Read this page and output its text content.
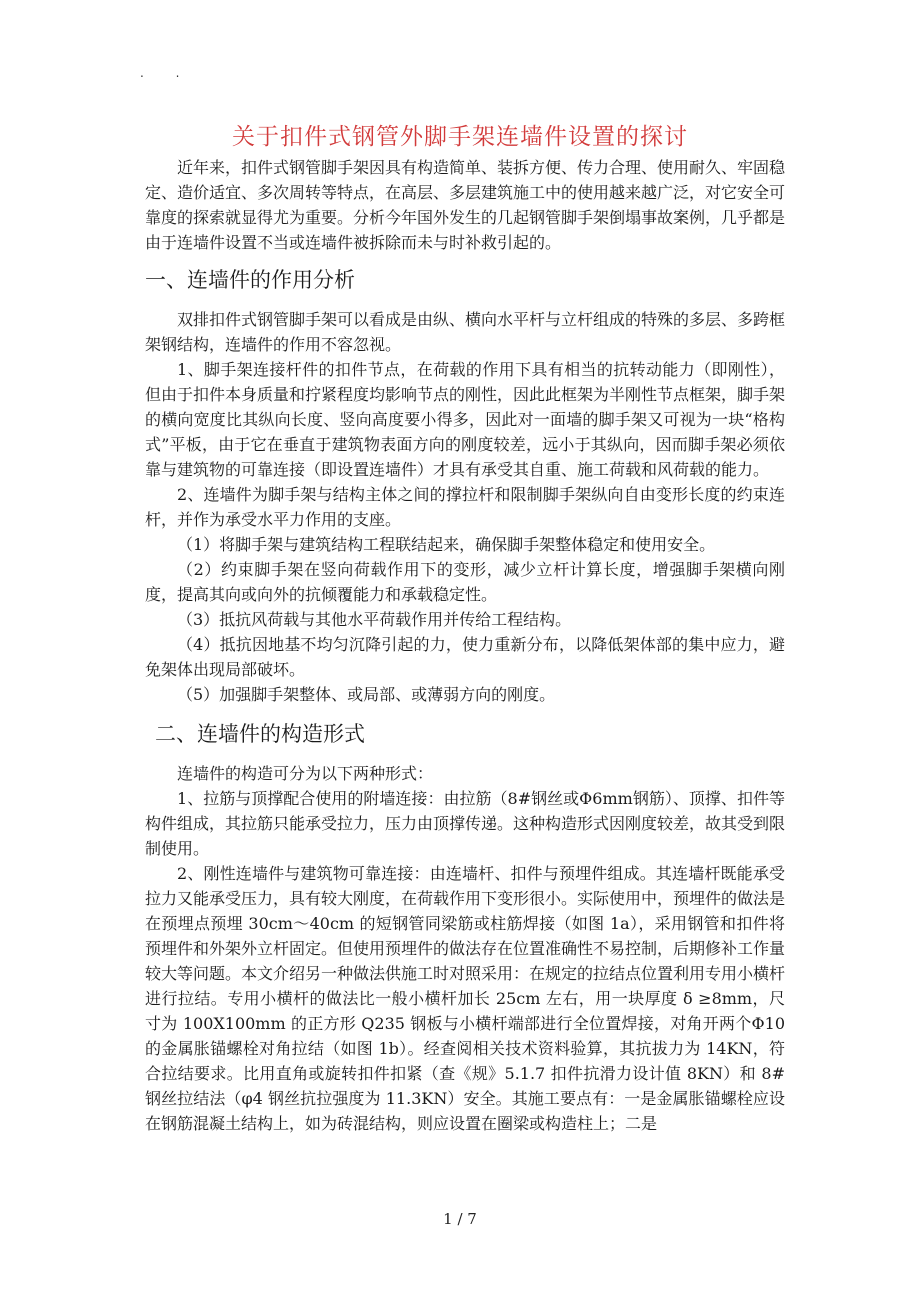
. .
关于扣件式钢管外脚手架连墙件设置的探讨

近年来，扣件式钢管脚手架因具有构造简单、装拆方便、传力合理、使用耐久、牢固稳定、造价适宜、多次周转等特点，在高层、多层建筑施工中的使用越来越广泛，对它安全可靠度的探索就显得尤为重要。分析今年国外发生的几起钢管脚手架倒塌事故案例，几乎都是由于连墙件设置不当或连墙件被拆除而未与时补救引起的。

一、连墙件的作用分析

双排扣件式钢管脚手架可以看成是由纵、横向水平杆与立杆组成的特殊的多层、多跨框架钢结构，连墙件的作用不容忽视。

1、脚手架连接杆件的扣件节点，在荷载的作用下具有相当的抗转动能力（即刚性），但由于扣件本身质量和拧紧程度均影响节点的刚性，因此此框架为半刚性节点框架，脚手架的横向宽度比其纵向长度、竖向高度要小得多，因此对一面墙的脚手架又可视为一块“格构式”平板，由于它在垂直于建筑物表面方向的刚度较差，远小于其纵向，因而脚手架必须依靠与建筑物的可靠连接（即设置连墙件）才具有承受其自重、施工荷载和风荷载的能力。

2、连墙件为脚手架与结构主体之间的撑拉杆和限制脚手架纵向自由变形长度的约束连杆，并作为承受水平力作用的支座。

（1）将脚手架与建筑结构工程联结起来，确保脚手架整体稳定和使用安全。

（2）约束脚手架在竖向荷载作用下的变形，减少立杆计算长度，增强脚手架横向刚度，提高其向或向外的抗倾覆能力和承载稳定性。

（3）抵抗风荷载与其他水平荷载作用并传给工程结构。

（4）抵抗因地基不均匀沉降引起的力，使力重新分布，以降低架体部的集中应力，避免架体出现局部破坏。

（5）加强脚手架整体、或局部、或薄弱方向的刚度。

二、连墙件的构造形式

连墙件的构造可分为以下两种形式：

1、拉筋与顶撑配合使用的附墙连接：由拉筋（8#钢丝或Φ6mm钢筋）、顶撑、扣件等构件组成，其拉筋只能承受拉力，压力由顶撑传递。这种构造形式因刚度较差，故其受到限制使用。

2、刚性连墙件与建筑物可靠连接：由连墙杆、扣件与预埋件组成。其连墙杆既能承受拉力又能承受压力，具有较大刚度，在荷载作用下变形很小。实际使用中，预埋件的做法是在预埋点预埋 30cm～40cm 的短钢管同梁筋或柱筋焊接（如图 1a），采用钢管和扣件将预埋件和外架外立杆固定。但使用预埋件的做法存在位置准确性不易控制，后期修补工作量较大等问题。本文介绍另一种做法供施工时对照采用：在规定的拉结点位置利用专用小横杆进行拉结。专用小横杆的做法比一般小横杆加长 25cm 左右，用一块厚度 δ ≥8mm，尺寸为 100X100mm 的正方形 Q235 钢板与小横杆端部进行全位置焊接，对角开两个Φ10 的金属胀锚螺栓对角拉结（如图 1b）。经查阅相关技术资料验算，其抗拔力为 14KN，符合拉结要求。比用直角或旋转扣件扣紧（查《规》5.1.7 扣件抗滑力设计值 8KN）和 8#钢丝拉结法（φ4 钢丝抗拉强度为 11.3KN）安全。其施工要点有：一是金属胀锚螺栓应设在钢筋混凝土结构上，如为砖混结构，则应设置在圈梁或构造柱上；二是

1 / 7
